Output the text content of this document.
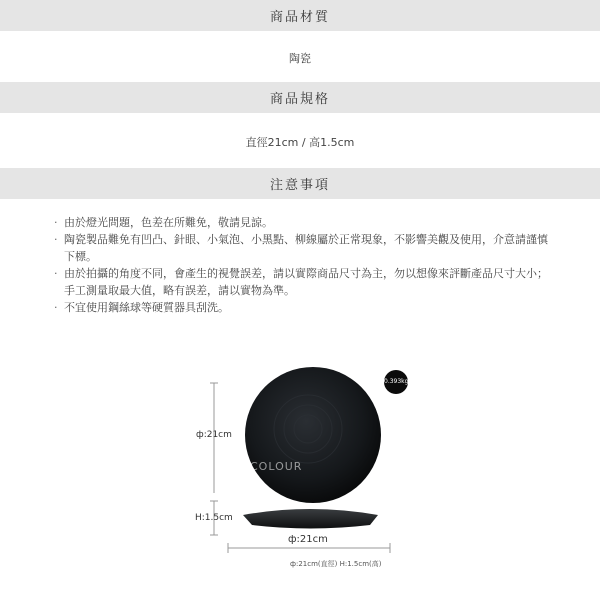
商品材質
陶瓷
商品規格
直徑21cm / 高1.5cm
注意事項
· 由於燈光問題，色差在所難免，敬請見諒。
· 陶瓷製品難免有凹凸、針眼、小氣泡、小黑點、柳線屬於正常現象，不影響美觀及使用，介意請謹慎下標。
· 由於拍攝的角度不同，會產生的視覺誤差，請以實際商品尺寸為主，勿以想像來評斷產品尺寸大小；手工測量取最大值，略有誤差，請以實物為準。
· 不宜使用鋼絲球等硬質器具刮洗。
ф:21cm
H:1.5cm
ф:21cm
ф:21cm(直徑) H:1.5cm(高)
0.393kg
COLOUR
